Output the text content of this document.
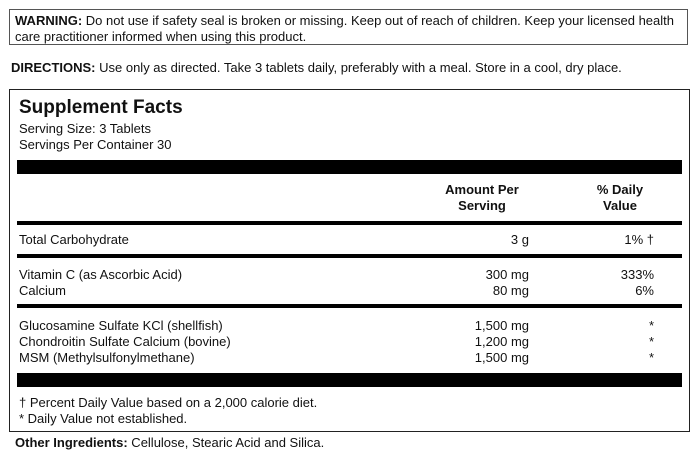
WARNING: Do not use if safety seal is broken or missing. Keep out of reach of children. Keep your licensed health care practitioner informed when using this product.
DIRECTIONS: Use only as directed. Take 3 tablets daily, preferably with a meal. Store in a cool, dry place.
Supplement Facts
Serving Size: 3 Tablets
Servings Per Container 30
Amount Per
Serving
% Daily
Value
Total Carbohydrate	3 g	1% †
Vitamin C (as Ascorbic Acid)	300 mg	333%
Calcium	80 mg	6%
Glucosamine Sulfate KCl (shellfish)	1,500 mg	*
Chondroitin Sulfate Calcium (bovine)	1,200 mg	*
MSM (Methylsulfonylmethane)	1,500 mg	*
† Percent Daily Value based on a 2,000 calorie diet.
* Daily Value not established.
Other Ingredients: Cellulose, Stearic Acid and Silica.
